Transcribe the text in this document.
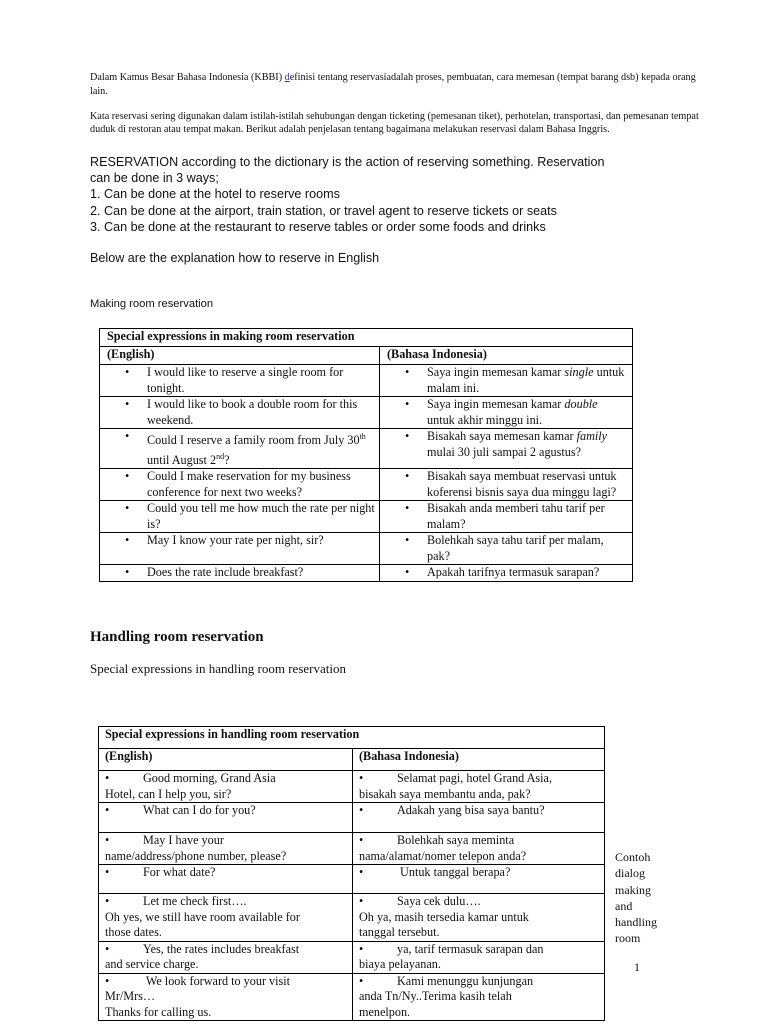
Dalam Kamus Besar Bahasa Indonesia (KBBI) definisi tentang reservasiadalah proses, pembuatan, cara memesan (tempat barang dsb) kepada orang lain.
Kata reservasi sering digunakan dalam istilah-istilah sehubungan dengan ticketing (pemesanan tiket), perhotelan, transportasi, dan pemesanan tempat duduk di restoran atau tempat makan. Berikut adalah penjelasan tentang bagaimana melakukan reservasi dalam Bahasa Inggris.
RESERVATION according to the dictionary is the action of reserving something. Reservation
can be done in 3 ways;
1. Can be done at the hotel to reserve rooms
2. Can be done at the airport, train station, or travel agent to reserve tickets or seats
3. Can be done at the restaurant to reserve tables or order some foods and drinks
Below are the explanation how to reserve in English
Making room reservation
Special expressions in making room reservation	
(English)	(Bahasa Indonesia)

• I would like to reserve a single room for tonight.	• Saya ingin memesan kamar single untuk malam ini.

• I would like to book a double room for this weekend.	• Saya ingin memesan kamar double untuk akhir minggu ini.

• Could I reserve a family room from July 30th until August 2nd?	• Bisakah saya memesan kamar family mulai 30 juli sampai 2 agustus?

• Could I make reservation for my business conference for next two weeks?	• Bisakah saya membuat reservasi untuk koferensi bisnis saya dua minggu lagi?

• Could you tell me how much the rate per night is?	• Bisakah anda memberi tahu tarif per malam?

• May I know your rate per night, sir?	• Bolehkah saya tahu tarif per malam, pak?

• Does the rate include breakfast?	• Apakah tarifnya termasuk sarapan?
Handling room reservation
Special expressions in handling room reservation
Special expressions in handling room reservation	
(English)	(Bahasa Indonesia)
• Good morning, Grand Asia
Hotel, can I help you, sir?	• Selamat pagi, hotel Grand Asia,
bisakah saya membantu anda, pak?
• What can I do for you?	• Adakah yang bisa saya bantu?
• May I have your
name/address/phone number, please?	• Bolehkah saya meminta
nama/alamat/nomer telepon anda?
• For what date?	• Untuk tanggal berapa?
• Let me check first….
Oh yes, we still have room available for
those dates.	• Saya cek dulu….
Oh ya, masih tersedia kamar untuk
tanggal tersebut.
• Yes, the rates includes breakfast
and service charge.	• ya, tarif termasuk sarapan dan
biaya pelayanan.
• We look forward to your visit
Mr/Mrs…
Thanks for calling us.	• Kami menunggu kunjungan
anda Tn/Ny..Terima kasih telah
menelpon.
Contoh
dialog
making
and
handling
room
1
